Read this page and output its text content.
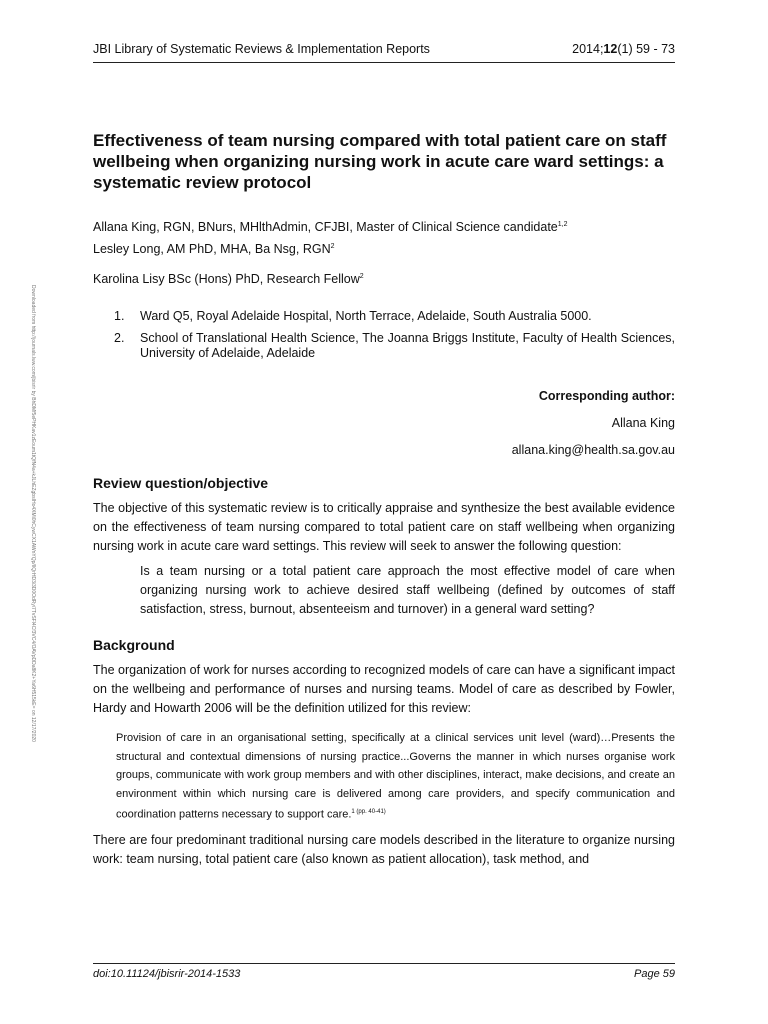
JBI Library of Systematic Reviews & Implementation Reports	2014;12(1) 59 - 73
Downloaded from http://journals.lww.com/jbisrir by BhDMf5ePHKav1zEoum1tQfN4a+kJLhEZgbsIHo4XMi0hCywCX1AWnYQp/IlQrHD3i3D0OdRyi7TvSFl4Cf3VC4/OAVpDDa8K2+Ya6H515kE= on 12/17/2020
Effectiveness of team nursing compared with total patient care on staff wellbeing when organizing nursing work in acute care ward settings: a systematic review protocol

Allana King, RGN, BNurs, MHlthAdmin, CFJBI, Master of Clinical Science candidate$^{1,2}$

Lesley Long, AM PhD, MHA, Ba Nsg, RGN$^2$

Karolina Lisy BSc (Hons) PhD, Research Fellow$^2$

1. Ward Q5, Royal Adelaide Hospital, North Terrace, Adelaide, South Australia 5000.
2. School of Translational Health Science, The Joanna Briggs Institute, Faculty of Health Sciences, University of Adelaide, Adelaide

Corresponding author:

Allana King

allana.king@health.sa.gov.au

Review question/objective

The objective of this systematic review is to critically appraise and synthesize the best available evidence on the effectiveness of team nursing compared to total patient care on staff wellbeing when organizing nursing work in acute care ward settings. This review will seek to answer the following question:

Is a team nursing or a total patient care approach the most effective model of care when organizing nursing work to achieve desired staff wellbeing (defined by outcomes of staff satisfaction, stress, burnout, absenteeism and turnover) in a general ward setting?

Background

The organization of work for nurses according to recognized models of care can have a significant impact on the wellbeing and performance of nurses and nursing teams. Model of care as described by Fowler, Hardy and Howarth 2006 will be the definition utilized for this review:

Provision of care in an organisational setting, specifically at a clinical services unit level (ward)…Presents the structural and contextual dimensions of nursing practice...Governs the manner in which nurses organise work groups, communicate with work group members and with other disciplines, interact, make decisions, and create an environment within which nursing care is delivered among care providers, and specify communication and coordination patterns necessary to support care.$^{1 (pp. 40-41)}$

There are four predominant traditional nursing care models described in the literature to organize nursing work: team nursing, total patient care (also known as patient allocation), task method, and

doi:10.11124/jbisrir-2014-1533	Page 59
